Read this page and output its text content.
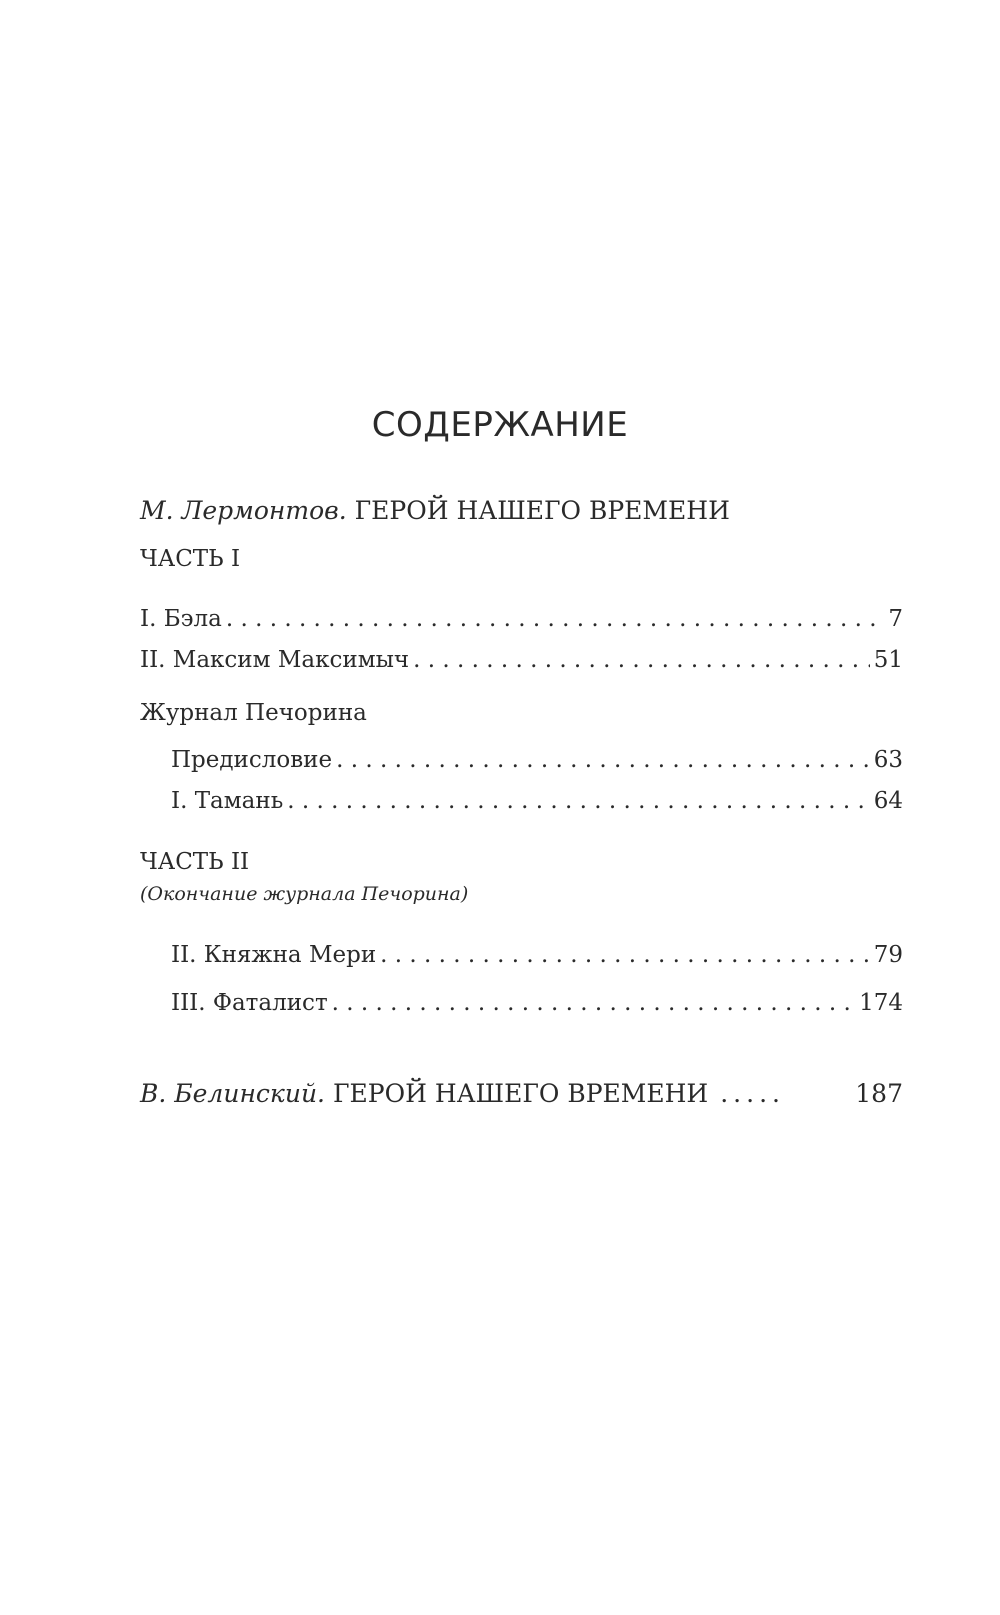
СОДЕРЖАНИЕ
М. Лермонтов. ГЕРОЙ НАШЕГО ВРЕМЕНИ
ЧАСТЬ I
I. Бэла . . .	7
II. Максим Максимыч . . .	51
Журнал Печорина
Предисловие . . .	63
I. Тамань . . .	64
ЧАСТЬ II
(Окончание журнала Печорина)
II. Княжна Мери . . .	79
III. Фаталист . . .	174
В. Белинский. ГЕРОЙ НАШЕГО ВРЕМЕНИ .....	187
